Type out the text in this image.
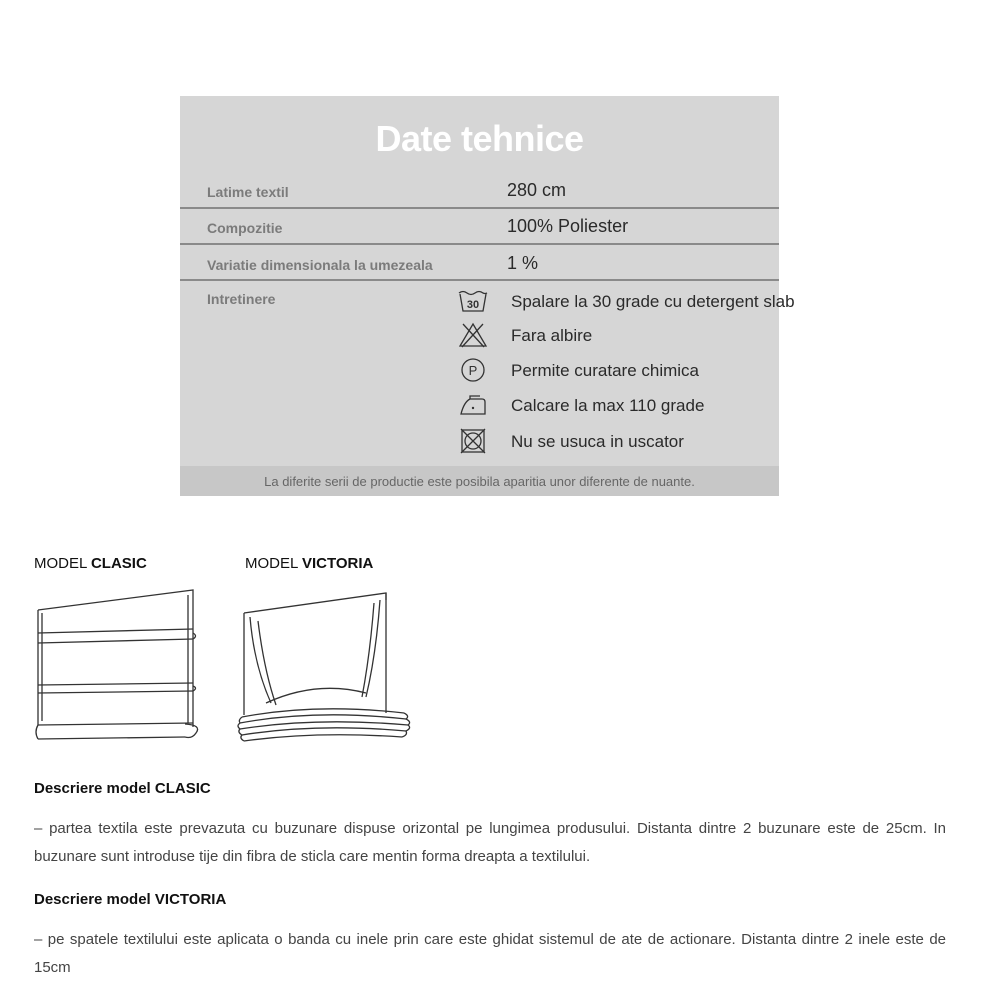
Date tehnice
Latime textil	280 cm
Compozitie	100% Poliester
Variatie dimensionala la umezeala	1 %
Intretinere	30 Spalare la 30 grade cu detergent slab
Fara albire
P Permite curatare chimica
Calcare la max 110 grade
Nu se usuca in uscator
La diferite serii de productie este posibila aparitia unor diferente de nuante.
MODEL CLASIC	MODEL VICTORIA
Descriere model CLASIC
– partea textila este prevazuta cu buzunare dispuse orizontal pe lungimea produsului. Distanta dintre 2 buzunare este de 25cm. In buzunare sunt introduse tije din fibra de sticla care mentin forma dreapta a textilului.
Descriere model VICTORIA
– pe spatele textilului este aplicata o banda cu inele prin care este ghidat sistemul de ate de actionare. Distanta dintre 2 inele este de 15cm
